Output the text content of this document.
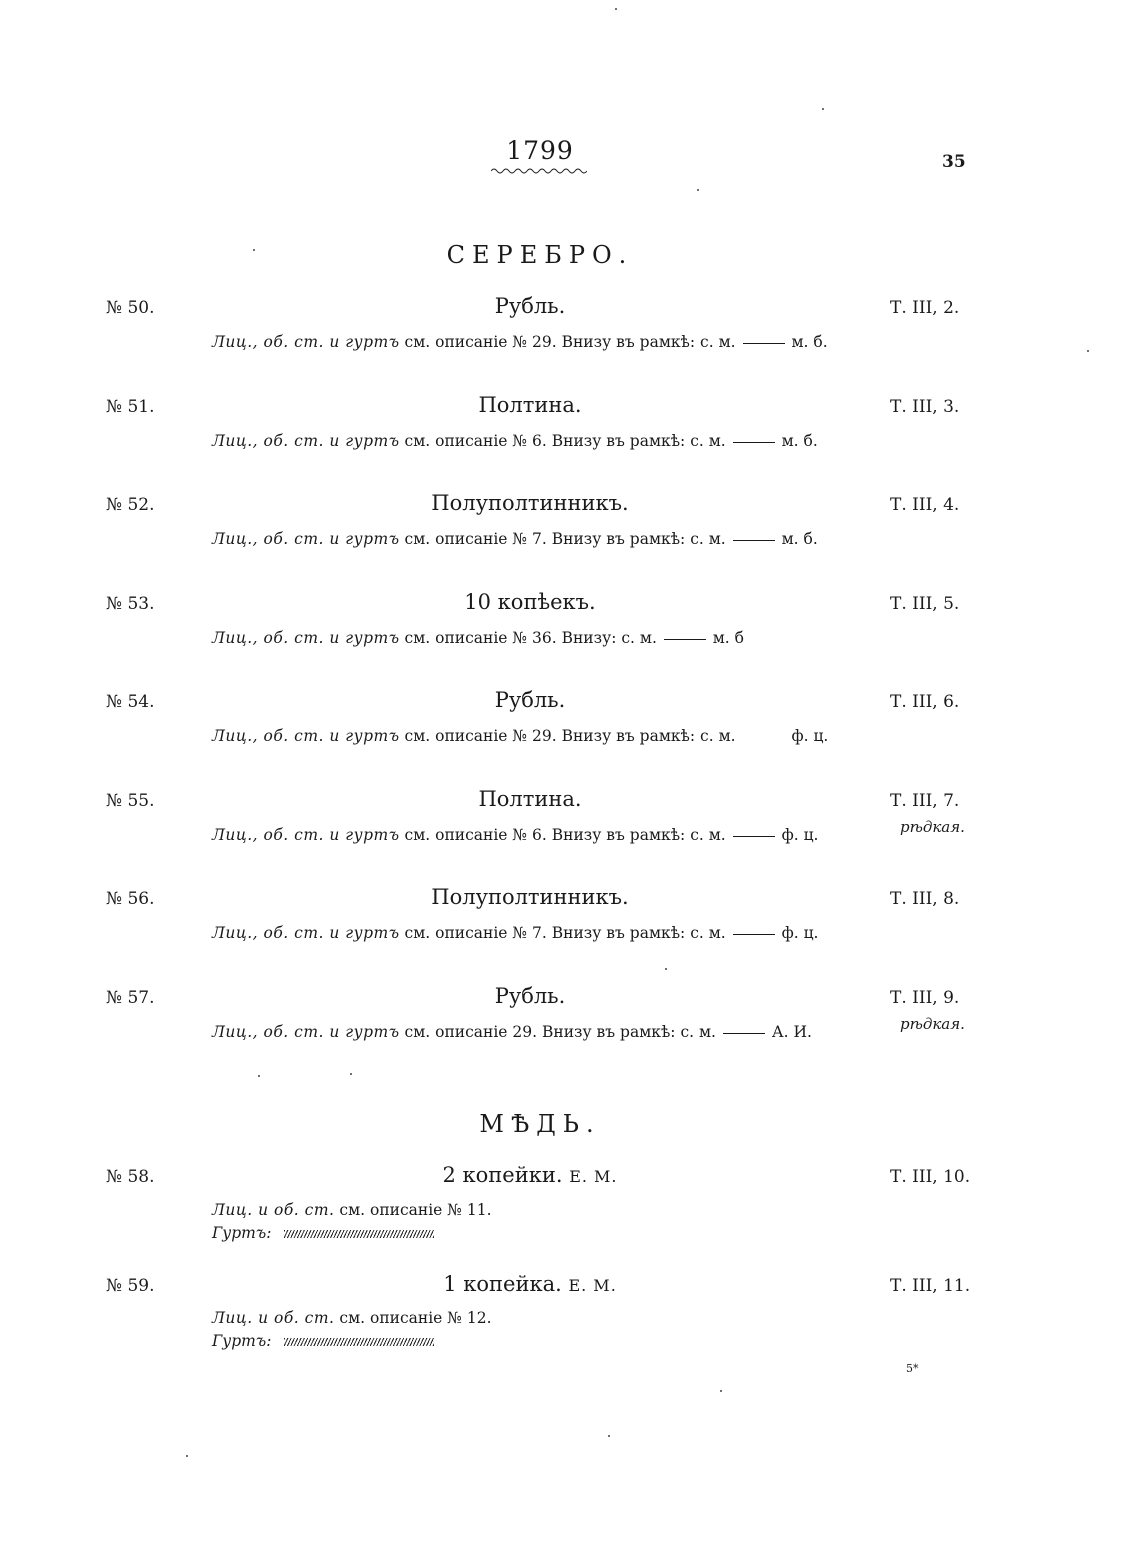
1799	35
СЕРЕБРО.
№ 50.	Рубль.	Т. III, 2.
Лиц., об. ст. и гуртъ см. описаніе № 29. Внизу въ рамкѣ: с. м.	м. б.
№ 51.	Полтина.	Т. III, 3.
Лиц., об. ст. и гуртъ см. описаніе № 6. Внизу въ рамкѣ: с. м.	м. б.
№ 52.	Полуполтинникъ.	Т. III, 4.
Лиц., об. ст. и гуртъ см. описаніе № 7. Внизу въ рамкѣ: с. м.	м. б.
№ 53.	10 копѣекъ.	Т. III, 5.
Лиц., об. ст. и гуртъ см. описаніе № 36. Внизу: с. м.	м. б
№ 54.	Рубль.	Т. III, 6.
Лиц., об. ст. и гуртъ см. описаніе № 29. Внизу въ рамкѣ: с. м.	ф. ц.
№ 55.	Полтина.	Т. III, 7.
рѣдкая.
Лиц., об. ст. и гуртъ см. описаніе № 6. Внизу въ рамкѣ: с. м.	ф. ц.
№ 56.	Полуполтинникъ.	Т. III, 8.
Лиц., об. ст. и гуртъ см. описаніе № 7. Внизу въ рамкѣ: с. м.	ф. ц.
№ 57.	Рубль.	Т. III, 9.
рѣдкая.
Лиц., об. ст. и гуртъ см. описаніе 29. Внизу въ рамкѣ: с. м.	А. И.
МѢДЬ.
№ 58.	2 копейки. Е. М.	Т. III, 10.
Лиц. и об. ст. см. описаніе № 11.
Гуртъ:
№ 59.	1 копейка. Е. М.	Т. III, 11.
Лиц. и об. ст. см. описаніе № 12.
Гуртъ:
5*
